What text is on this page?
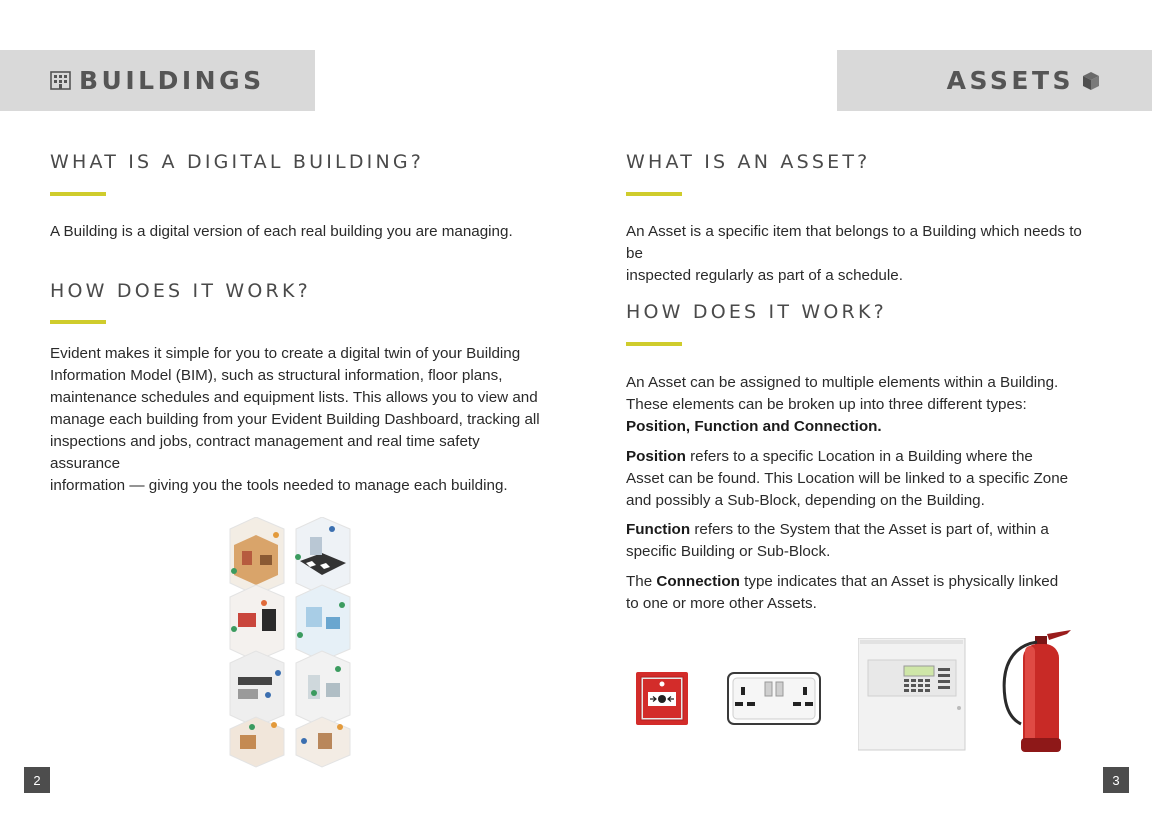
BUILDINGS	ASSETS
WHAT IS A DIGITAL BUILDING?

A Building is a digital version of each real building you are managing.

HOW DOES IT WORK?

Evident makes it simple for you to create a digital twin of your Building
Information Model (BIM), such as structural information, floor plans,
maintenance schedules and equipment lists. This allows you to view and
manage each building from your Evident Building Dashboard, tracking all
inspections and jobs, contract management and real time safety assurance
information — giving you the tools needed to manage each building.

WHAT IS AN ASSET?

An Asset is a specific item that belongs to a Building which needs to be
inspected regularly as part of a schedule.

HOW DOES IT WORK?

An Asset can be assigned to multiple elements within a Building.
These elements can be broken up into three different types:
Position, Function and Connection.

Position refers to a specific Location in a Building where the
Asset can be found. This Location will be linked to a specific Zone
and possibly a Sub-Block, depending on the Building.

Function refers to the System that the Asset is part of, within a
specific Building or Sub-Block.

The Connection type indicates that an Asset is physically linked
to one or more other Assets.

2	3
